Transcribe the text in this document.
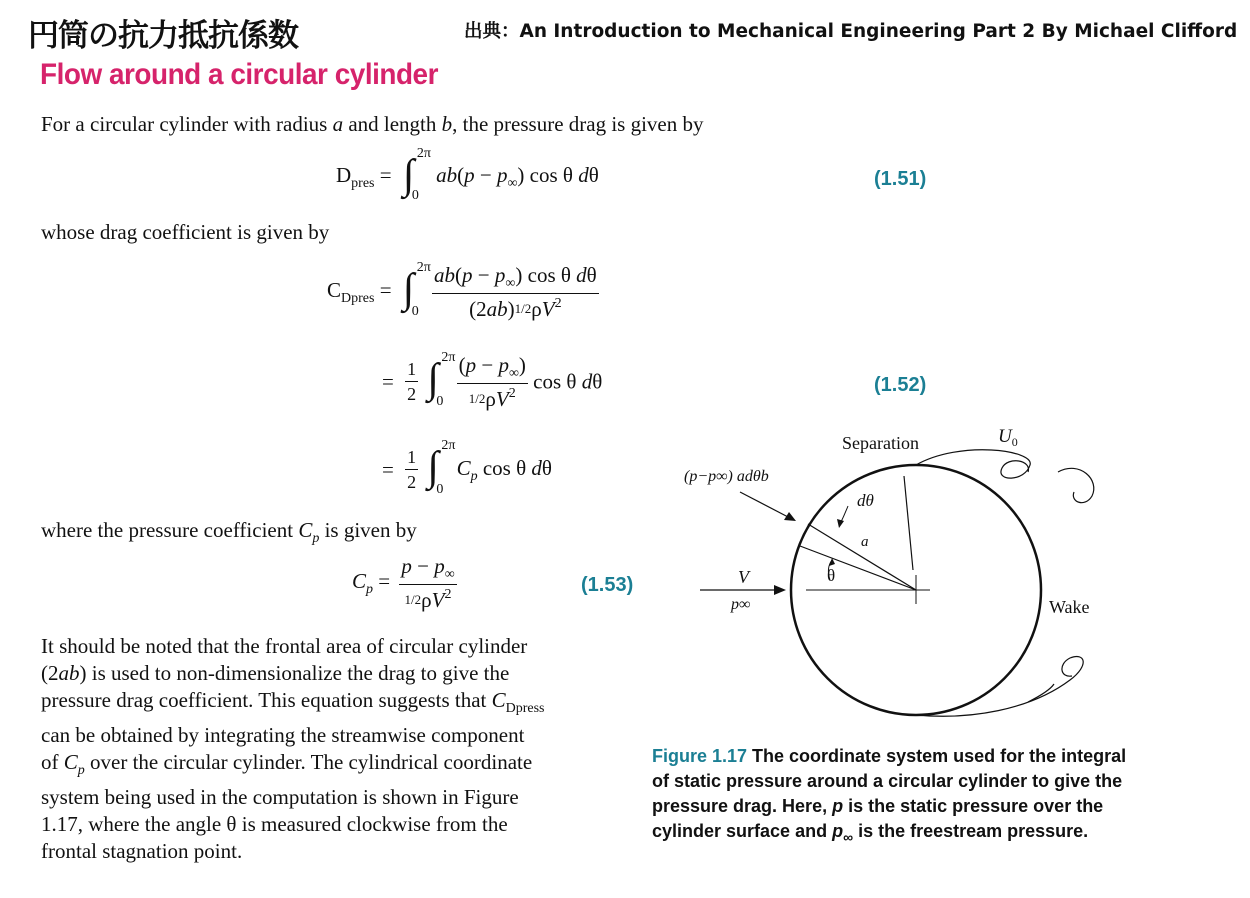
円筒の抗力抵抗係数	出典：An Introduction to Mechanical Engineering Part 2 By Michael Clifford
Flow around a circular cylinder
For a circular cylinder with radius a and length b, the pressure drag is given by
$D_{pres}$ = ∫ 2π
0
$ab(p - p_\infty)$ cos θ dθ	(1.51)
whose drag coefficient is given by
$C_{Dpres}$ = ∫ 2π
0
$\frac{ab(p - p_\infty) \cos \theta d\theta}{(2ab)1/2\rho V^2}$
= $\frac{1}{2}$
∫ 2π
0
$\frac{(p - p_\infty)}{1/2\rho V^2}$ cos θ dθ	(1.52)
= $\frac{1}{2}$
∫ 2π
0
$C_p$ cos θ dθ
where the pressure coefficient $C_p$ is given by
$C_p = \frac{p - p_\infty}{1/2\rho V^2}$	(1.53)
It should be noted that the frontal area of circular cylinder
(2ab) is used to non-dimensionalize the drag to give the
pressure drag coefficient. This equation suggests that $C_{Dpress}$
can be obtained by integrating the streamwise component
of $C_p$ over the circular cylinder. The cylindrical coordinate
system being used in the computation is shown in Figure
1.17, where the angle θ is measured clockwise from the
frontal stagnation point.
Separation	$U_0$
(p−p∞) adθb
dθ
a
θ
V
p∞	Wake
Figure 1.17 The coordinate system used for the integral
of static pressure around a circular cylinder to give the
pressure drag. Here, p is the static pressure over the
cylinder surface and $p_\infty$ is the freestream pressure.
